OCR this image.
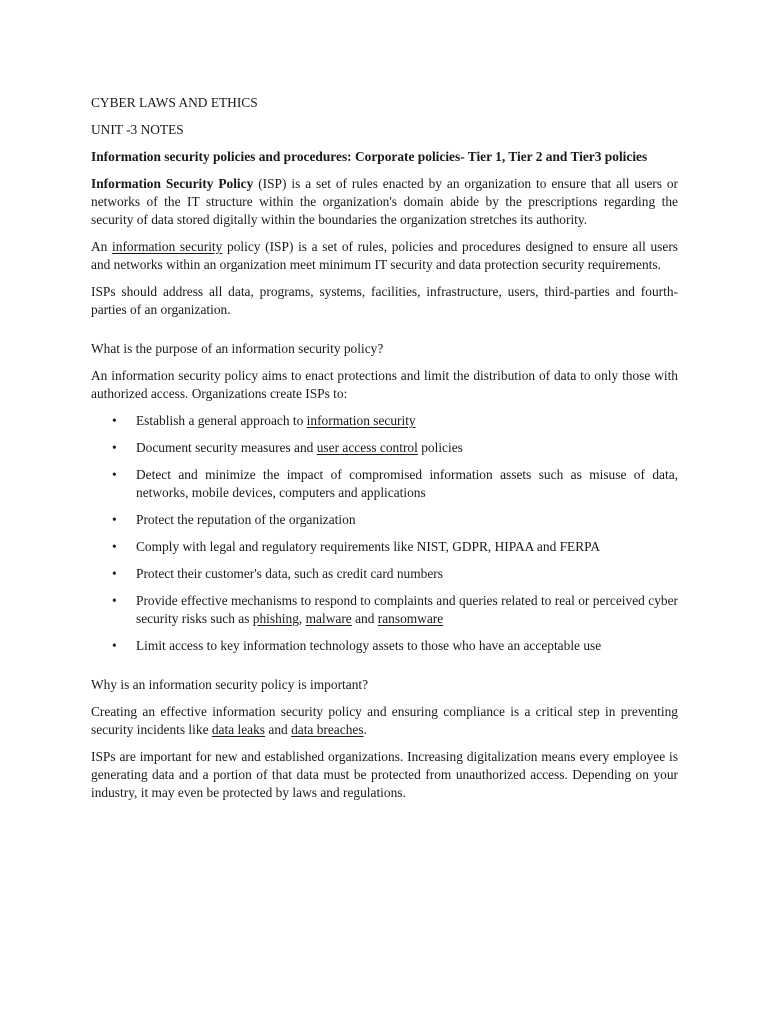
CYBER LAWS AND ETHICS

UNIT -3 NOTES

Information security policies and procedures: Corporate policies- Tier 1, Tier 2 and Tier3 policies

Information Security Policy (ISP) is a set of rules enacted by an organization to ensure that all users or networks of the IT structure within the organization's domain abide by the prescriptions regarding the security of data stored digitally within the boundaries the organization stretches its authority.

An information security policy (ISP) is a set of rules, policies and procedures designed to ensure all users and networks within an organization meet minimum IT security and data protection security requirements.

ISPs should address all data, programs, systems, facilities, infrastructure, users, third-parties and fourth-parties of an organization.

What is the purpose of an information security policy?

An information security policy aims to enact protections and limit the distribution of data to only those with authorized access. Organizations create ISPs to:

• Establish a general approach to information security
• Document security measures and user access control policies
• Detect and minimize the impact of compromised information assets such as misuse of data, networks, mobile devices, computers and applications
• Protect the reputation of the organization
• Comply with legal and regulatory requirements like NIST, GDPR, HIPAA and FERPA
• Protect their customer's data, such as credit card numbers
• Provide effective mechanisms to respond to complaints and queries related to real or perceived cyber security risks such as phishing, malware and ransomware
• Limit access to key information technology assets to those who have an acceptable use

Why is an information security policy is important?

Creating an effective information security policy and ensuring compliance is a critical step in preventing security incidents like data leaks and data breaches.

ISPs are important for new and established organizations. Increasing digitalization means every employee is generating data and a portion of that data must be protected from unauthorized access. Depending on your industry, it may even be protected by laws and regulations.
